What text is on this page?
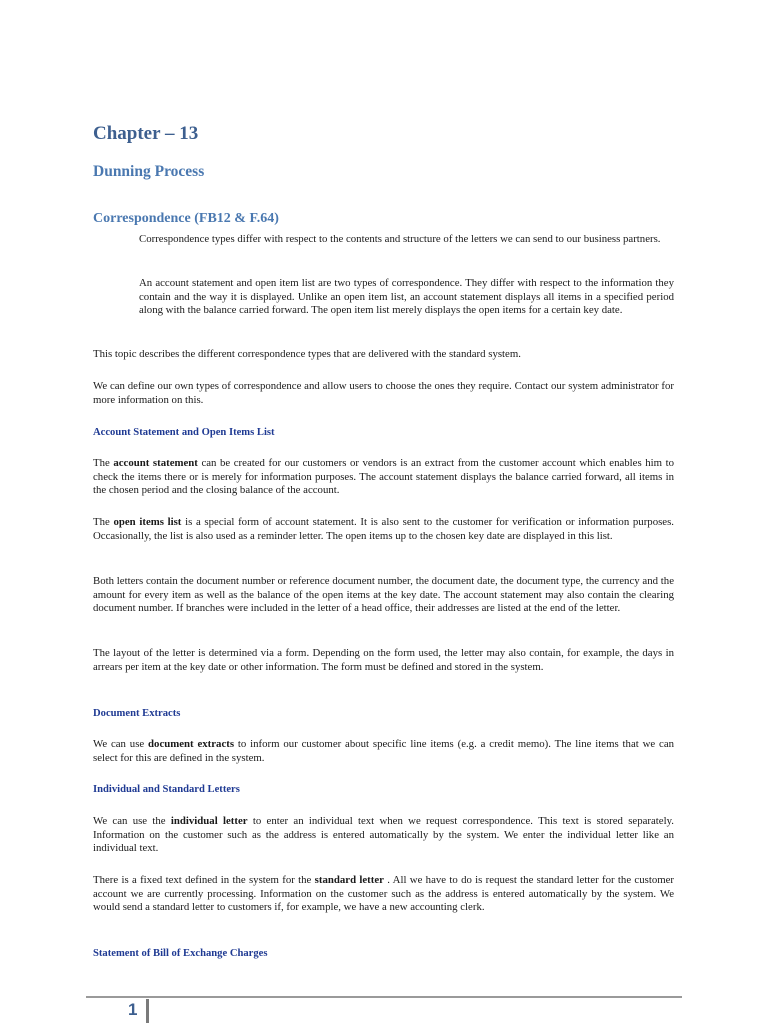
Chapter – 13
Dunning Process
Correspondence (FB12 & F.64)

Correspondence types differ with respect to the contents and structure of the letters we can send to our business partners.

An account statement and open item list are two types of correspondence. They differ with respect to the information they contain and the way it is displayed. Unlike an open item list, an account statement displays all items in a specified period along with the balance carried forward. The open item list merely displays the open items for a certain key date.

This topic describes the different correspondence types that are delivered with the standard system.

We can define our own types of correspondence and allow users to choose the ones they require. Contact our system administrator for more information on this.

Account Statement and Open Items List

The account statement can be created for our customers or vendors is an extract from the customer account which enables him to check the items there or is merely for information purposes. The account statement displays the balance carried forward, all items in the chosen period and the closing balance of the account.

The open items list is a special form of account statement. It is also sent to the customer for verification or information purposes. Occasionally, the list is also used as a reminder letter. The open items up to the chosen key date are displayed in this list.

Both letters contain the document number or reference document number, the document date, the document type, the currency and the amount for every item as well as the balance of the open items at the key date. The account statement may also contain the clearing document number. If branches were included in the letter of a head office, their addresses are listed at the end of the letter.

The layout of the letter is determined via a form. Depending on the form used, the letter may also contain, for example, the days in arrears per item at the key date or other information. The form must be defined and stored in the system.

Document Extracts

We can use document extracts to inform our customer about specific line items (e.g. a credit memo). The line items that we can select for this are defined in the system.

Individual and Standard Letters

We can use the individual letter to enter an individual text when we request correspondence. This text is stored separately. Information on the customer such as the address is entered automatically by the system. We enter the individual letter like an individual text.

There is a fixed text defined in the system for the standard letter . All we have to do is request the standard letter for the customer account we are currently processing. Information on the customer such as the address is entered automatically by the system. We would send a standard letter to customers if, for example, we have a new accounting clerk.

Statement of Bill of Exchange Charges
1
